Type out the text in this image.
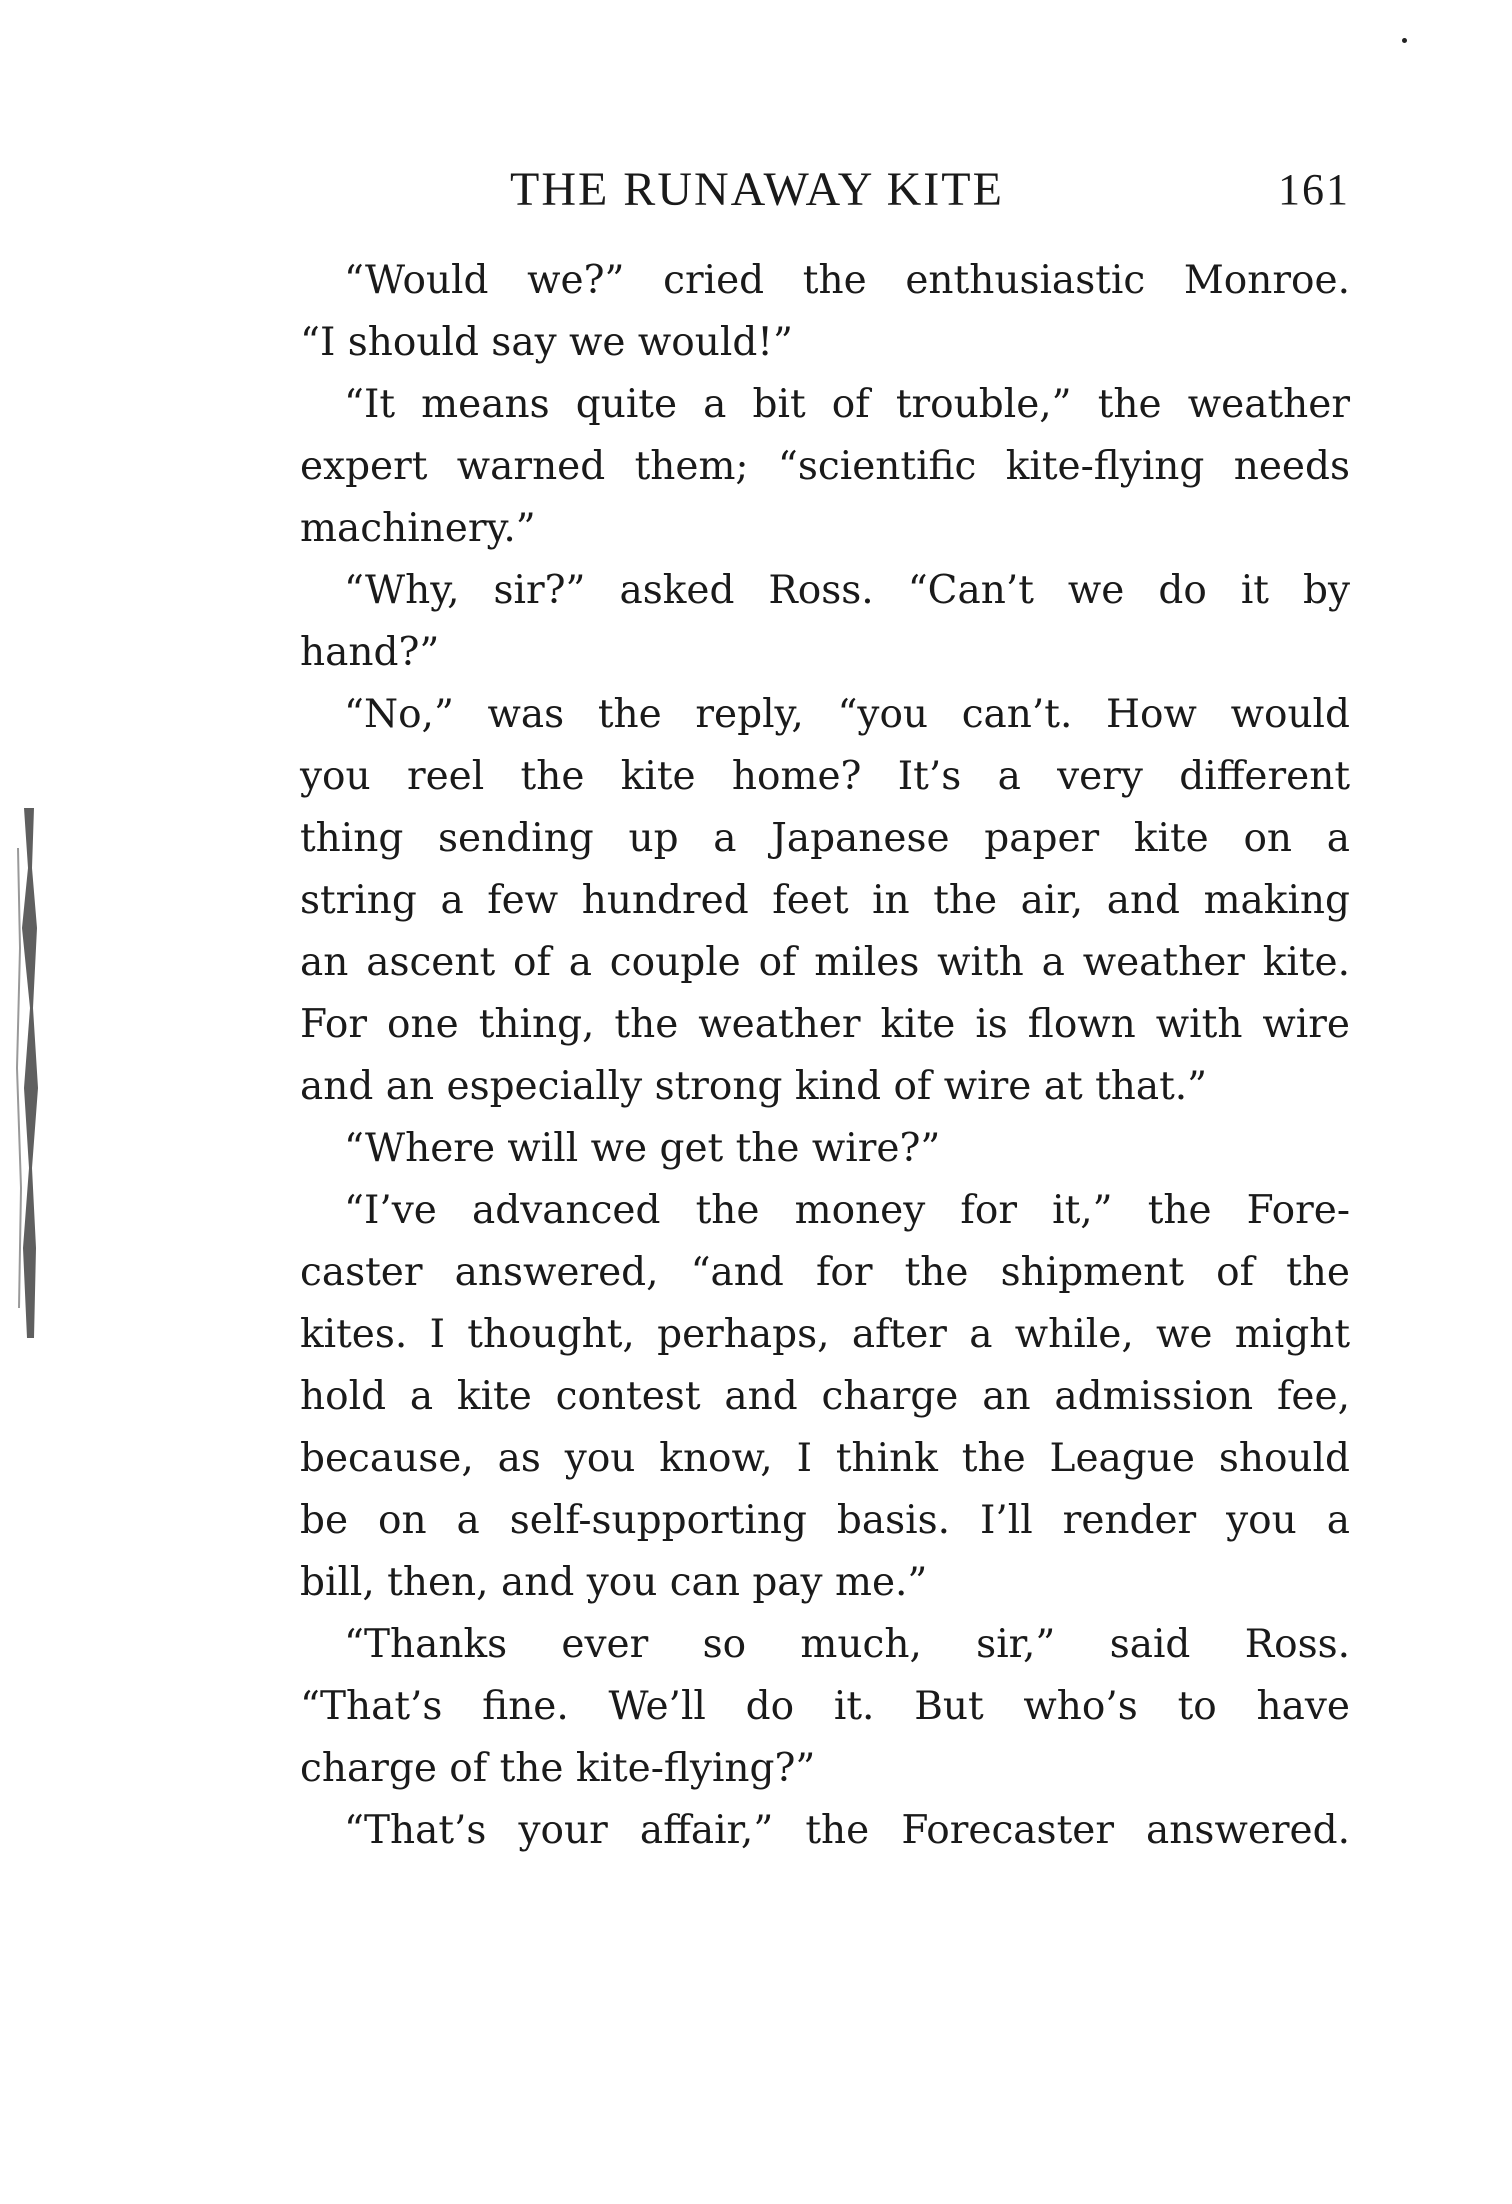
THE RUNAWAY KITE	161
“Would we?” cried the enthusiastic Monroe.
“I should say we would!”
“It means quite a bit of trouble,” the weather
expert warned them; “scientific kite-flying needs
machinery.”
“Why, sir?” asked Ross. “Can’t we do it by
hand?”
“No,” was the reply, “you can’t. How would
you reel the kite home? It’s a very different
thing sending up a Japanese paper kite on a
string a few hundred feet in the air, and making
an ascent of a couple of miles with a weather kite.
For one thing, the weather kite is flown with wire
and an especially strong kind of wire at that.”
“Where will we get the wire?”
“I’ve advanced the money for it,” the Fore-
caster answered, “and for the shipment of the
kites. I thought, perhaps, after a while, we might
hold a kite contest and charge an admission fee,
because, as you know, I think the League should
be on a self-supporting basis. I’ll render you a
bill, then, and you can pay me.”
“Thanks ever so much, sir,” said Ross.
“That’s fine. We’ll do it. But who’s to have
charge of the kite-flying?”
“That’s your affair,” the Forecaster answered.
